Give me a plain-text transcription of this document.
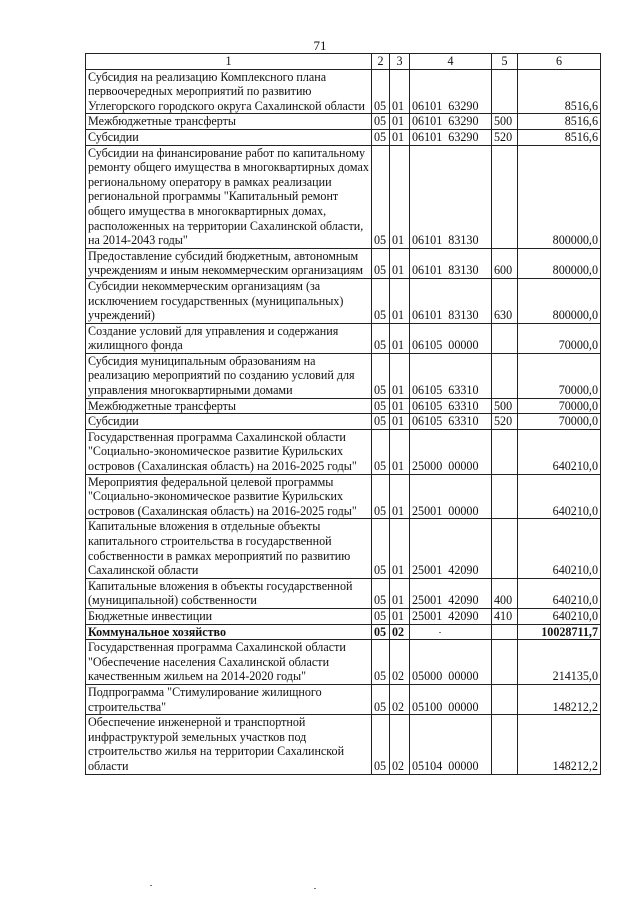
71
1	2	3	4	5	6
Субсидия на реализацию Комплексного плана первоочередных мероприятий по развитию Углегорского городского округа Сахалинской области	05	01	06101  63290		8516,6
Межбюджетные трансферты	05	01	06101  63290	500	8516,6
Субсидии	05	01	06101  63290	520	8516,6
Субсидии на финансирование работ по капитальному ремонту общего имущества в многоквартирных домах региональному оператору в рамках реализации региональной программы "Капитальный ремонт общего имущества в многоквартирных домах, расположенных на территории Сахалинской области, на 2014-2043 годы"	05	01	06101  83130		800000,0
Предоставление субсидий бюджетным, автономным учреждениям и иным некоммерческим организациям	05	01	06101  83130	600	800000,0
Субсидии некоммерческим организациям (за исключением государственных (муниципальных) учреждений)	05	01	06101  83130	630	800000,0
Создание условий для управления и содержания жилищного фонда	05	01	06105  00000		70000,0
Субсидия муниципальным образованиям на реализацию мероприятий по созданию условий для управления многоквартирными домами	05	01	06105  63310		70000,0
Межбюджетные трансферты	05	01	06105  63310	500	70000,0
Субсидии	05	01	06105  63310	520	70000,0
Государственная программа Сахалинской области "Социально-экономическое развитие Курильских островов (Сахалинская область) на 2016-2025 годы"	05	01	25000  00000		640210,0
Мероприятия федеральной целевой программы "Социально-экономическое развитие Курильских островов (Сахалинская область) на 2016-2025 годы"	05	01	25001  00000		640210,0
Капитальные вложения в отдельные объекты капитального строительства в государственной собственности в рамках мероприятий по развитию Сахалинской области	05	01	25001  42090		640210,0
Капитальные вложения в объекты государственной (муниципальной) собственности	05	01	25001  42090	400	640210,0
Бюджетные инвестиции	05	01	25001  42090	410	640210,0
Коммунальное хозяйство	05	02			10028711,7
Государственная программа Сахалинской области "Обеспечение населения Сахалинской области качественным жильем на 2014-2020 годы"	05	02	05000  00000		214135,0
Подпрограмма "Стимулирование жилищного строительства"	05	02	05100  00000		148212,2
Обеспечение инженерной и транспортной инфраструктурой земельных участков под строительство жилья на территории Сахалинской области	05	02	05104  00000		148212,2
